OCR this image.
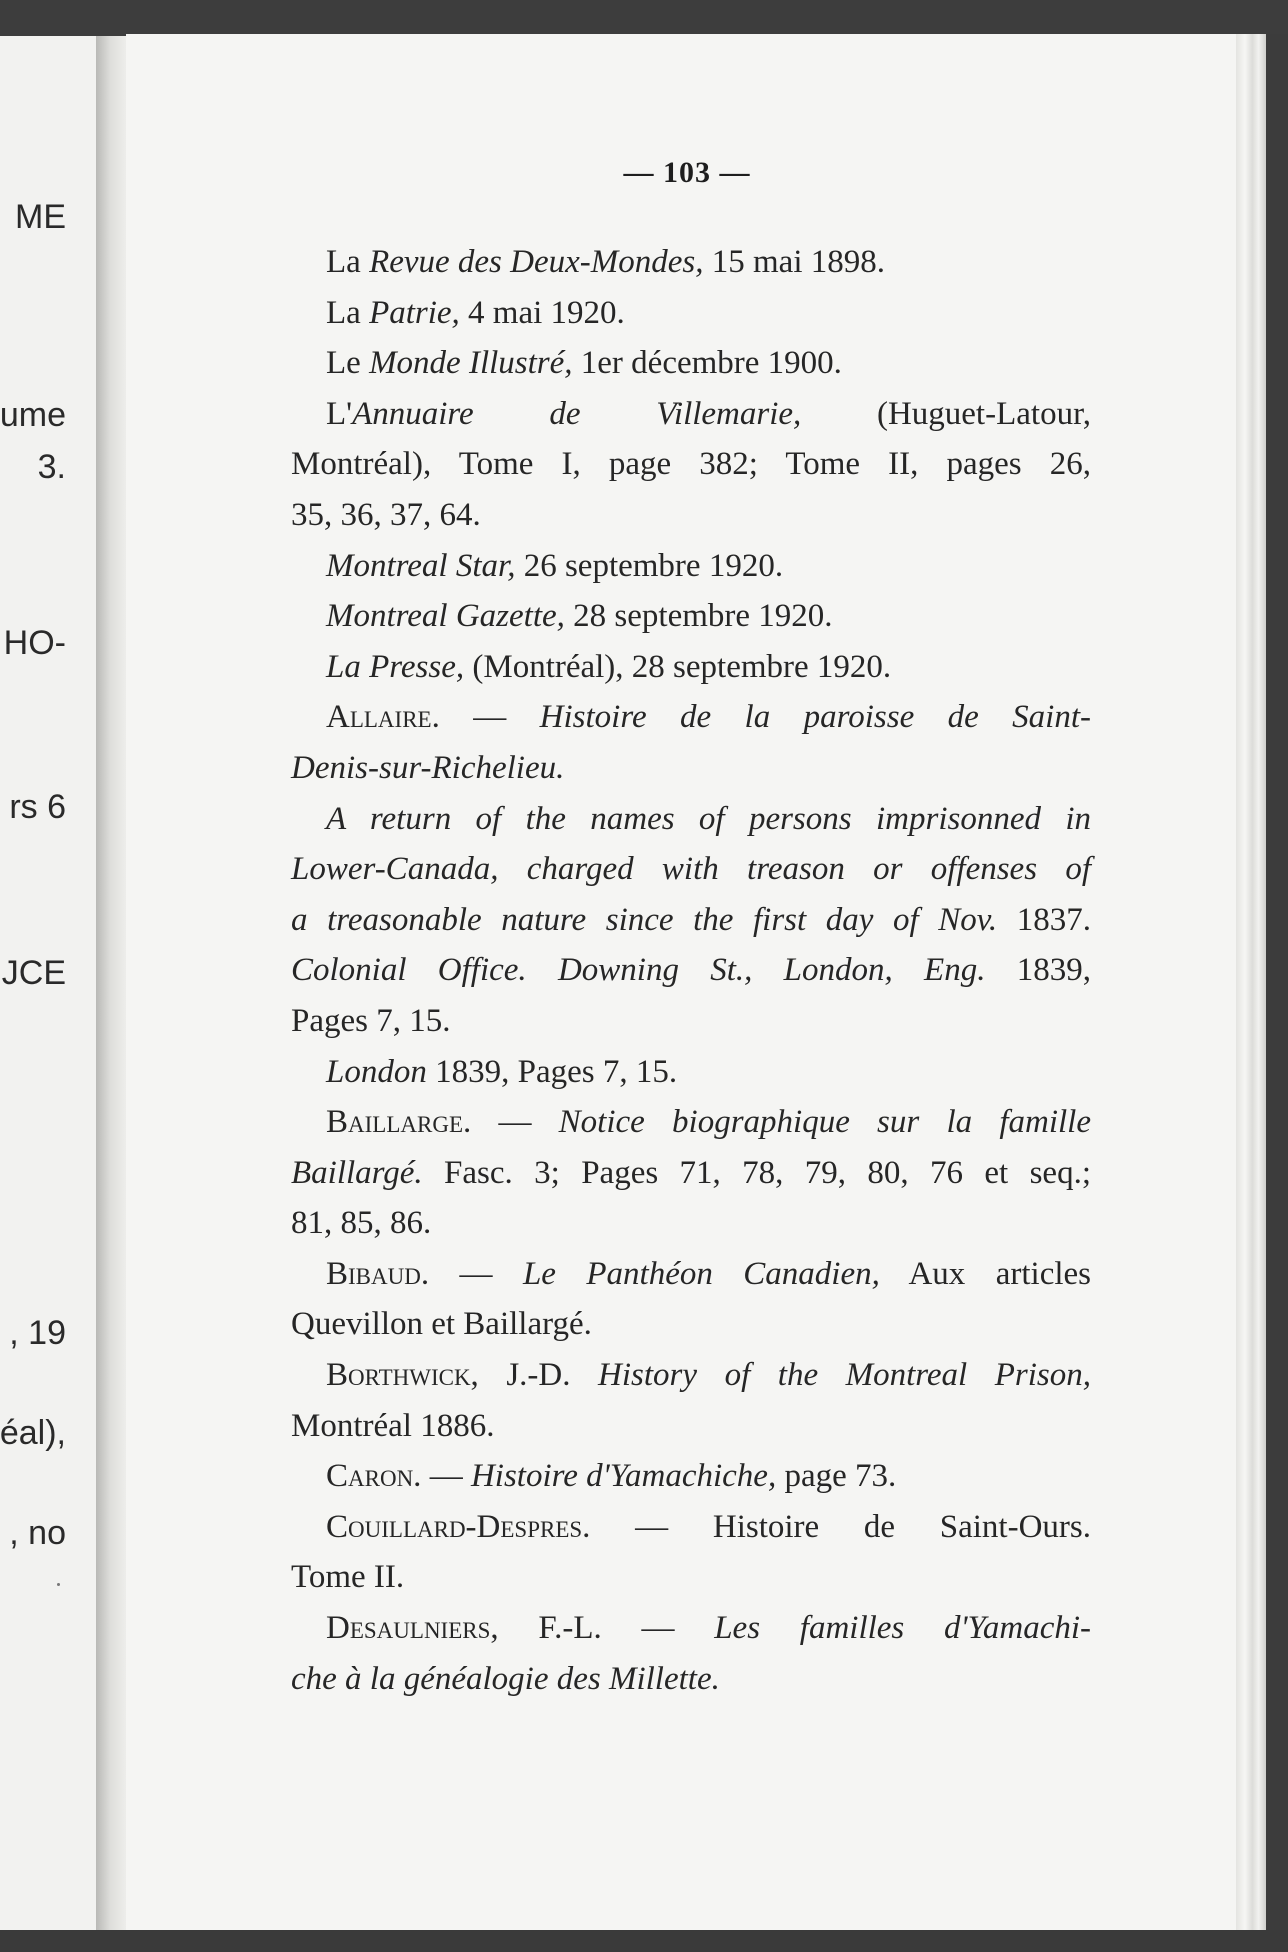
ME
ume
3.
HO-
rs 6
JCE
, 19
éal),
, no
— 103 —
La Revue des Deux-Mondes, 15 mai 1898.
La Patrie, 4 mai 1920.
Le Monde Illustré, 1er décembre 1900.
L'Annuaire de Villemarie, (Huguet-Latour,
Montréal), Tome I, page 382; Tome II, pages 26,
35, 36, 37, 64.
Montreal Star, 26 septembre 1920.
Montreal Gazette, 28 septembre 1920.
La Presse, (Montréal), 28 septembre 1920.
Allaire. — Histoire de la paroisse de Saint-
Denis-sur-Richelieu.
A return of the names of persons imprisonned in
Lower-Canada, charged with treason or offenses of
a treasonable nature since the first day of Nov. 1837.
Colonial Office. Downing St., London, Eng. 1839,
Pages 7, 15.
London 1839, Pages 7, 15.
Baillarge. — Notice biographique sur la famille
Baillargé. Fasc. 3; Pages 71, 78, 79, 80, 76 et seq.;
81, 85, 86.
Bibaud. — Le Panthéon Canadien, Aux articles
Quevillon et Baillargé.
Borthwick, J.-D. History of the Montreal Prison,
Montréal 1886.
Caron. — Histoire d'Yamachiche, page 73.
Couillard-Despres. — Histoire de Saint-Ours.
Tome II.
Desaulniers, F.-L. — Les familles d'Yamachi-
che à la généalogie des Millette.
